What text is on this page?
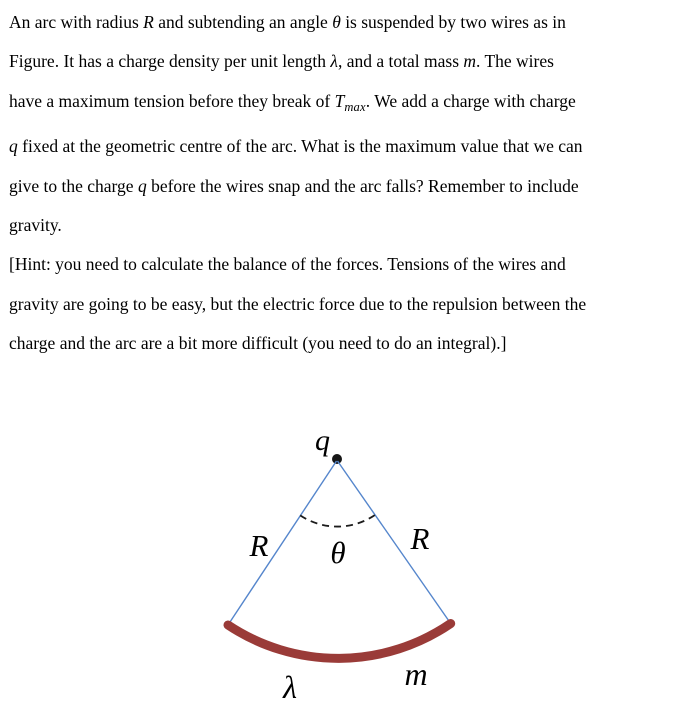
An arc with radius R and subtending an angle θ is suspended by two wires as in
Figure. It has a charge density per unit length λ, and a total mass m. The wires
have a maximum tension before they break of $T_{max}$. We add a charge with charge
q fixed at the geometric centre of the arc. What is the maximum value that we can
give to the charge q before the wires snap and the arc falls? Remember to include
gravity.
[Hint: you need to calculate the balance of the forces. Tensions of the wires and
gravity are going to be easy, but the electric force due to the repulsion between the
charge and the arc are a bit more difficult (you need to do an integral).]
q
θ
R	R
λ	m
